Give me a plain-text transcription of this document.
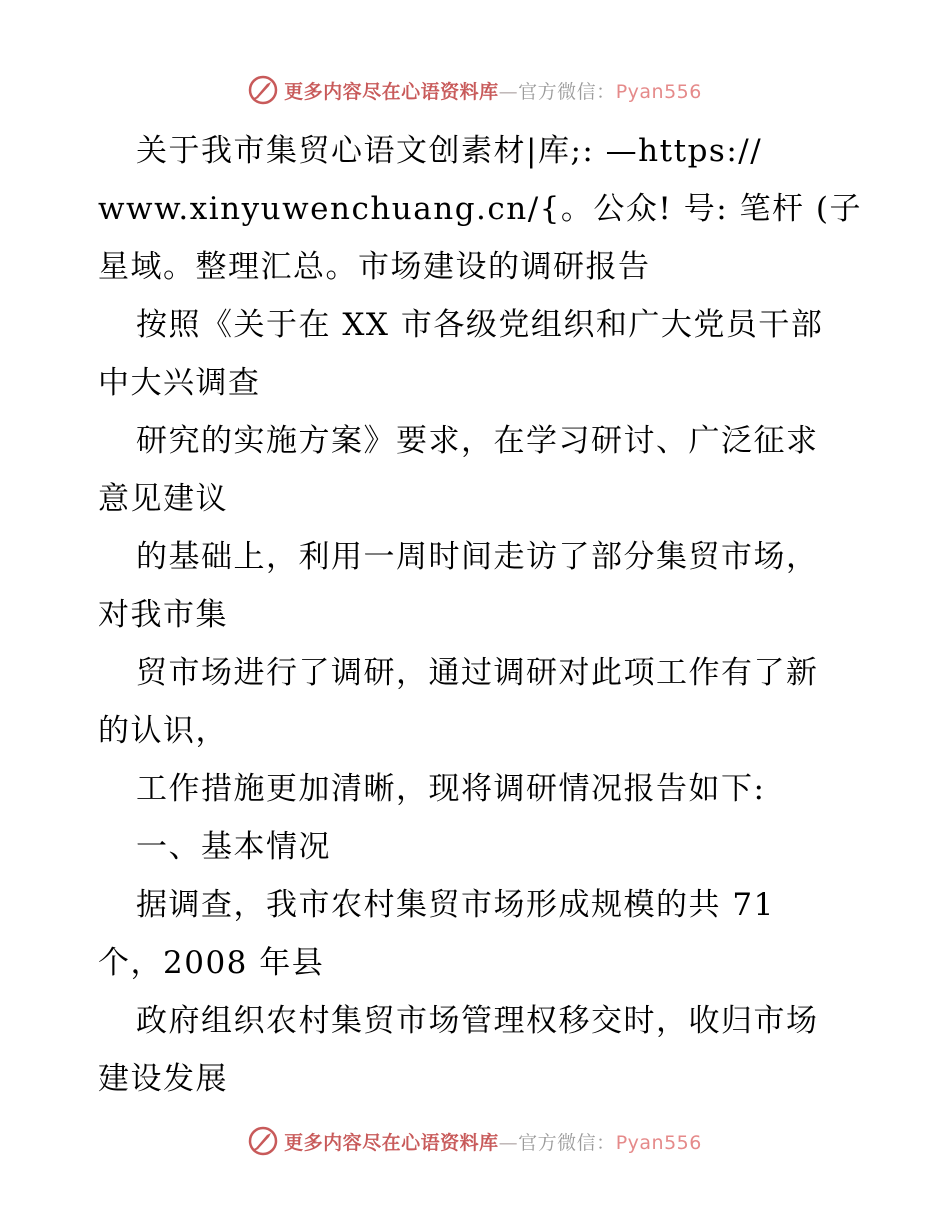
更多内容尽在心语资料库—官方微信：Pyan556
关于我市集贸心语文创素材|库;: —https://
www.xinyuwenchuang.cn/{。公众! 号: 笔杆 (子
星域。整理汇总。市场建设的调研报告
按照《关于在 XX 市各级党组织和广大党员干部
中大兴调查
研究的实施方案》要求，在学习研讨、广泛征求
意见建议
的基础上，利用一周时间走访了部分集贸市场，
对我市集
贸市场进行了调研，通过调研对此项工作有了新
的认识，
工作措施更加清晰，现将调研情况报告如下:
一、基本情况
据调查，我市农村集贸市场形成规模的共 71
个，2008 年县
政府组织农村集贸市场管理权移交时，收归市场
建设发展
更多内容尽在心语资料库—官方微信：Pyan556
